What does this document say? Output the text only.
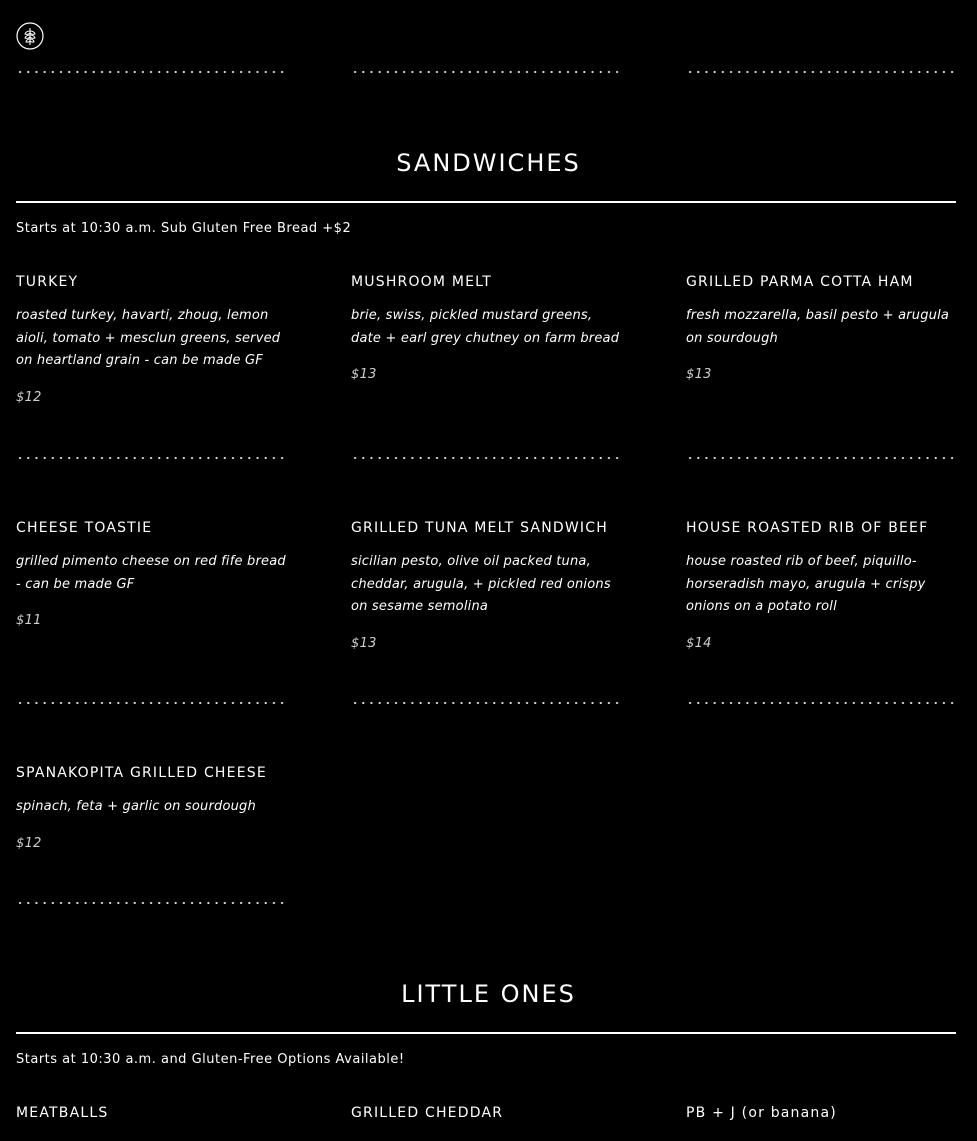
SANDWICHES

Starts at 10:30 a.m. Sub Gluten Free Bread +$2

TURKEY

roasted turkey, havarti, zhoug, lemon aioli, tomato + mesclun greens, served on heartland grain - can be made GF

$12

MUSHROOM MELT

brie, swiss, pickled mustard greens, date + earl grey chutney on farm bread

$13

GRILLED PARMA COTTA HAM

fresh mozzarella, basil pesto + arugula on sourdough

$13

CHEESE TOASTIE

grilled pimento cheese on red fife bread - can be made GF

$11

GRILLED TUNA MELT SANDWICH

sicilian pesto, olive oil packed tuna, cheddar, arugula, + pickled red onions on sesame semolina

$13

HOUSE ROASTED RIB OF BEEF

house roasted rib of beef, piquillo-horseradish mayo, arugula + crispy onions on a potato roll

$14

SPANAKOPITA GRILLED CHEESE

spinach, feta + garlic on sourdough

$12

LITTLE ONES

Starts at 10:30 a.m. and Gluten-Free Options Available!

MEATBALLS	GRILLED CHEDDAR	PB + J (or banana)
